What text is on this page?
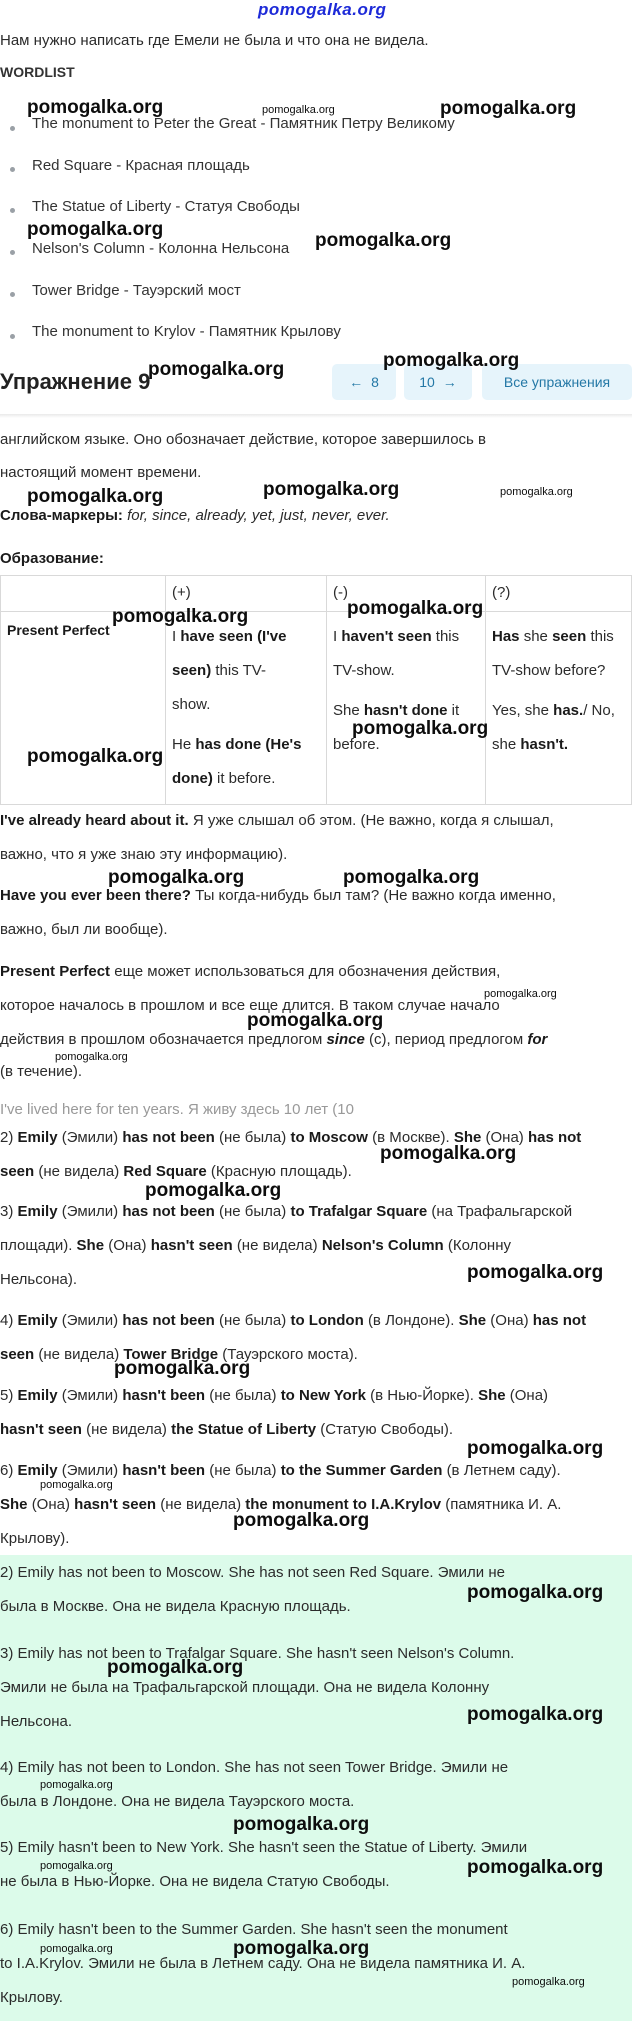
pomogalka.org
Нам нужно написать где Емели не была и что она не видела.
WORDLIST
The monument to Peter the Great - Памятник Петру Великому
Red Square - Красная площадь
The Statue of Liberty - Статуя Свободы
Nelson's Column - Колонна Нельсона
Tower Bridge - Тауэрский мост
The monument to Krylov - Памятник Крылову
Упражнение 9	← 8	10 →	Все упражнения
английском языке. Оно обозначает действие, которое завершилось в
настоящий момент времени.
Слова-маркеры: for, since, already, yet, just, never, ever.
Образование:
	(+)	(-)	(?)
Present Perfect	I have seen (I've
seen) this TV-
show.

He has done (He's
done) it before.	I haven't seen this
TV-show.

She hasn't done it
before.	Has she seen this
TV-show before?

Yes, she has./ No,
she hasn't.
I've already heard about it. Я уже слышал об этом. (Не важно, когда я слышал,
важно, что я уже знаю эту информацию).
Have you ever been there? Ты когда-нибудь был там? (Не важно когда именно,
важно, был ли вообще).
Present Perfect еще может использоваться для обозначения действия,
которое началось в прошлом и все еще длится. В таком случае начало
действия в прошлом обозначается предлогом since (с), период предлогом for
(в течение).
I've lived here for ten years. Я живу здесь 10 лет (10
2) Emily (Эмили) has not been (не была) to Moscow (в Москве). She (Она) has not
seen (не видела) Red Square (Красную площадь).
3) Emily (Эмили) has not been (не была) to Trafalgar Square (на Трафальгарской
площади). She (Она) hasn't seen (не видела) Nelson's Column (Колонну
Нельсона).
4) Emily (Эмили) has not been (не была) to London (в Лондоне). She (Она) has not
seen (не видела) Tower Bridge (Тауэрского моста).
5) Emily (Эмили) hasn't been (не была) to New York (в Нью-Йорке). She (Она)
hasn't seen (не видела) the Statue of Liberty (Статую Свободы).
6) Emily (Эмили) hasn't been (не была) to the Summer Garden (в Летнем саду).
She (Она) hasn't seen (не видела) the monument to I.A.Krylov (памятника И. А.
Крылову).
2) Emily has not been to Moscow. She has not seen Red Square. Эмили не
была в Москве. Она не видела Красную площадь.
3) Emily has not been to Trafalgar Square. She hasn't seen Nelson's Column.
Эмили не была на Трафальгарской площади. Она не видела Колонну
Нельсона.
4) Emily has not been to London. She has not seen Tower Bridge. Эмили не
была в Лондоне. Она не видела Тауэрского моста.
5) Emily hasn't been to New York. She hasn't seen the Statue of Liberty. Эмили
не была в Нью-Йорке. Она не видела Статую Свободы.
6) Emily hasn't been to the Summer Garden. She hasn't seen the monument
to I.A.Krylov. Эмили не была в Летнем саду. Она не видела памятника И. А.
Крылову.
pomogalka.org	pomogalka.org	pomogalka.org
pomogalka.org
pomogalka.org
pomogalka.org
pomogalka.org
pomogalka.org	pomogalka.org	pomogalka.org
pomogalka.org	pomogalka.org
pomogalka.org
pomogalka.org
pomogalka.org	pomogalka.org
pomogalka.org
pomogalka.org
pomogalka.org
pomogalka.org
pomogalka.org
pomogalka.org
pomogalka.org
pomogalka.org
pomogalka.org
pomogalka.org
pomogalka.org
pomogalka.org
pomogalka.org
pomogalka.org
pomogalka.org
pomogalka.org	pomogalka.org
pomogalka.org	pomogalka.org
pomogalka.org
